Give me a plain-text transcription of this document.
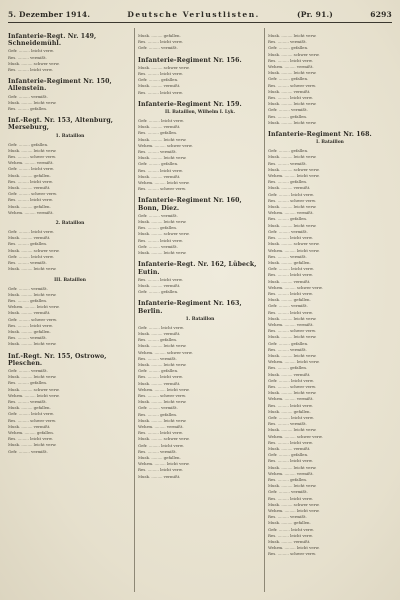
5. Dezember 1914.	Deutsche Verlustlisten.	(Pr. 91.)	6293
Infanterie-Regt. Nr. 149, Schneidemühl.
Gefr. ......... leicht verw.
Res. ......... vermißt.
Musk. ......... schwer verw.
Res. ......... leicht verw.
Infanterie-Regiment Nr. 150, Allenstein.
Gefr. ......... vermißt.
Musk. ......... leicht verw.
Res. ......... gefallen.
Inf.-Regt. Nr. 153, Altenburg, Merseburg,
1. Bataillon
Gefr. ......... gefallen.
Musk. ......... leicht verw.
Res. ......... schwer verw.
Wehrm. ......... vermißt.
Gefr. ......... leicht verw.
Musk. ......... gefallen.
Res. ......... leicht verw.
Musk. ......... vermißt.
Gefr. ......... schwer verw.
Res. ......... leicht verw.
Musk. ......... gefallen.
Wehrm. ......... vermißt.
2. Bataillon
Gefr. ......... leicht verw.
Musk. ......... vermißt.
Res. ......... gefallen.
Musk. ......... schwer verw.
Gefr. ......... leicht verw.
Res. ......... vermißt.
Musk. ......... leicht verw.
III. Bataillon
Gefr. ......... vermißt.
Musk. ......... leicht verw.
Res. ......... gefallen.
Wehrm. ......... leicht verw.
Musk. ......... vermißt.
Gefr. ......... schwer verw.
Res. ......... leicht verw.
Musk. ......... gefallen.
Res. ......... vermißt.
Musk. ......... leicht verw.
Inf.-Regt. Nr. 155, Ostrowo, Pleschen.
Gefr. ......... vermißt.
Musk. ......... leicht verw.
Res. ......... gefallen.
Musk. ......... schwer verw.
Wehrm. ......... leicht verw.
Res. ......... vermißt.
Musk. ......... gefallen.
Gefr. ......... leicht verw.
Res. ......... schwer verw.
Musk. ......... vermißt.
Wehrm. ......... gefallen.
Res. ......... leicht verw.
Musk. ......... leicht verw.
Gefr. ......... vermißt.
Musk. ......... gefallen.
Res. ......... leicht verw.
Gefr. ......... vermißt.
Infanterie-Regiment Nr. 156.
Musk. ......... schwer verw.
Res. ......... leicht verw.
Gefr. ......... gefallen.
Musk. ......... vermißt.
Res. ......... leicht verw.
Infanterie-Regiment Nr. 159.
II. Bataillon, Wilhelm I. Lyk.
Gefr. ......... leicht verw.
Musk. ......... vermißt.
Res. ......... gefallen.
Musk. ......... leicht verw.
Wehrm. ......... schwer verw.
Res. ......... vermißt.
Musk. ......... leicht verw.
Gefr. ......... gefallen.
Res. ......... leicht verw.
Musk. ......... vermißt.
Wehrm. ......... leicht verw.
Res. ......... schwer verw.
Infanterie-Regiment Nr. 160, Bonn, Diez.
Gefr. ......... vermißt.
Musk. ......... leicht verw.
Res. ......... gefallen.
Musk. ......... schwer verw.
Res. ......... leicht verw.
Gefr. ......... vermißt.
Musk. ......... leicht verw.
Infanterie-Regt. Nr. 162, Lübeck, Eutin.
Res. ......... leicht verw.
Musk. ......... vermißt.
Gefr. ......... gefallen.
Infanterie-Regiment Nr. 163, Berlin.
1. Bataillon
Gefr. ......... leicht verw.
Musk. ......... vermißt.
Res. ......... gefallen.
Musk. ......... leicht verw.
Wehrm. ......... schwer verw.
Res. ......... vermißt.
Musk. ......... leicht verw.
Gefr. ......... gefallen.
Res. ......... leicht verw.
Musk. ......... vermißt.
Wehrm. ......... leicht verw.
Res. ......... schwer verw.
Musk. ......... leicht verw.
Gefr. ......... vermißt.
Res. ......... gefallen.
Musk. ......... leicht verw.
Wehrm. ......... vermißt.
Res. ......... leicht verw.
Musk. ......... schwer verw.
Gefr. ......... leicht verw.
Res. ......... vermißt.
Musk. ......... gefallen.
Wehrm. ......... leicht verw.
Res. ......... leicht verw.
Musk. ......... vermißt.
Musk. ......... leicht verw.
Res. ......... vermißt.
Gefr. ......... gefallen.
Musk. ......... schwer verw.
Res. ......... leicht verw.
Wehrm. ......... vermißt.
Musk. ......... leicht verw.
Gefr. ......... gefallen.
Res. ......... schwer verw.
Musk. ......... vermißt.
Res. ......... leicht verw.
Musk. ......... leicht verw.
Gefr. ......... vermißt.
Res. ......... gefallen.
Musk. ......... leicht verw.
Infanterie-Regiment Nr. 168.
I. Bataillon
Gefr. ......... gefallen.
Musk. ......... leicht verw.
Res. ......... vermißt.
Musk. ......... schwer verw.
Wehrm. ......... leicht verw.
Res. ......... gefallen.
Musk. ......... vermißt.
Gefr. ......... leicht verw.
Res. ......... schwer verw.
Musk. ......... leicht verw.
Wehrm. ......... vermißt.
Res. ......... gefallen.
Musk. ......... leicht verw.
Gefr. ......... vermißt.
Res. ......... leicht verw.
Musk. ......... schwer verw.
Wehrm. ......... leicht verw.
Res. ......... vermißt.
Musk. ......... gefallen.
Gefr. ......... leicht verw.
Res. ......... leicht verw.
Musk. ......... vermißt.
Wehrm. ......... schwer verw.
Res. ......... leicht verw.
Musk. ......... gefallen.
Gefr. ......... vermißt.
Res. ......... leicht verw.
Musk. ......... leicht verw.
Wehrm. ......... vermißt.
Res. ......... schwer verw.
Musk. ......... leicht verw.
Gefr. ......... gefallen.
Res. ......... vermißt.
Musk. ......... leicht verw.
Wehrm. ......... leicht verw.
Res. ......... gefallen.
Musk. ......... vermißt.
Gefr. ......... leicht verw.
Res. ......... schwer verw.
Musk. ......... leicht verw.
Wehrm. ......... vermißt.
Res. ......... leicht verw.
Musk. ......... gefallen.
Gefr. ......... leicht verw.
Res. ......... vermißt.
Musk. ......... leicht verw.
Wehrm. ......... schwer verw.
Res. ......... leicht verw.
Musk. ......... vermißt.
Gefr. ......... gefallen.
Res. ......... leicht verw.
Musk. ......... leicht verw.
Wehrm. ......... vermißt.
Res. ......... gefallen.
Musk. ......... leicht verw.
Gefr. ......... vermißt.
Res. ......... leicht verw.
Musk. ......... schwer verw.
Wehrm. ......... leicht verw.
Res. ......... vermißt.
Musk. ......... gefallen.
Gefr. ......... leicht verw.
Res. ......... leicht verw.
Musk. ......... vermißt.
Wehrm. ......... leicht verw.
Res. ......... schwer verw.
